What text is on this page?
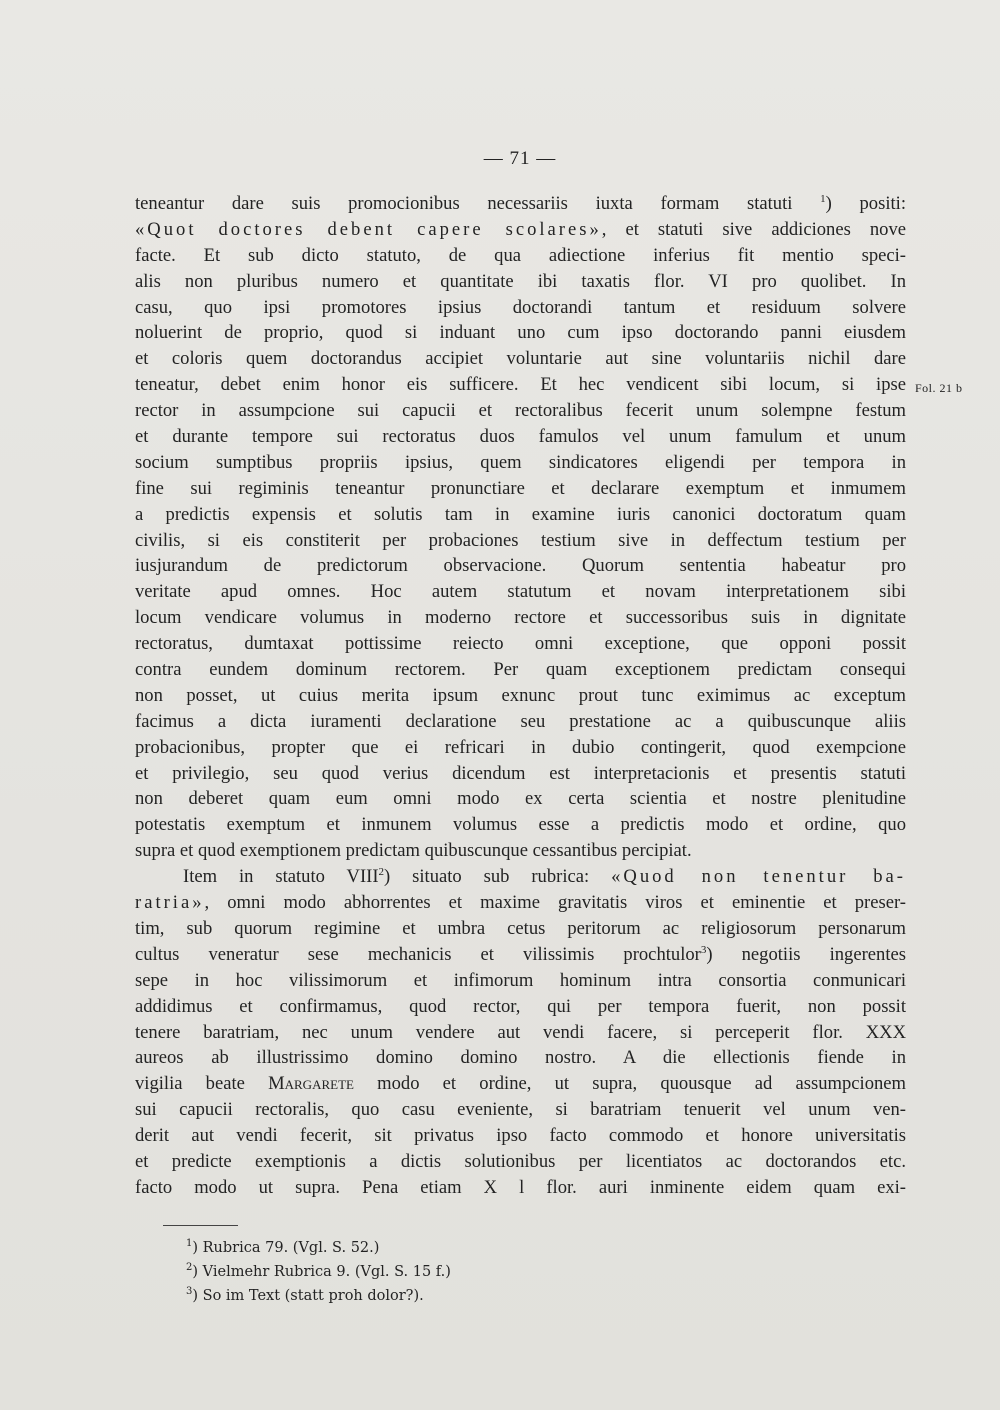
— 71 —
Fol. 21 b
teneantur dare suis promocionibus necessariis iuxta formam statuti	$^1$) positi:
«Quot doctores debent capere scolares», et statuti sive addiciones nove
facte. Et sub dicto statuto, de qua adiectione inferius fit mentio speci-
alis non pluribus numero et quantitate ibi taxatis flor. VI pro quolibet. In
casu, quo ipsi promotores ipsius doctorandi tantum et residuum solvere
noluerint de proprio, quod si induant uno cum ipso doctorando panni eiusdem
et coloris quem doctorandus accipiet voluntarie aut sine voluntariis nichil dare
teneatur, debet enim honor eis sufficere. Et hec vendicent sibi locum, si ipse
rector in assumpcione sui capucii et rectoralibus fecerit unum solempne festum
et durante tempore sui rectoratus duos famulos vel unum famulum et unum
socium sumptibus propriis ipsius, quem sindicatores eligendi per tempora in
fine sui regiminis teneantur pronunctiare et declarare exemptum et inmumem
a predictis expensis et solutis tam in examine iuris canonici doctoratum quam
civilis, si eis constiterit per probaciones testium sive in deffectum testium per
iusjurandum de predictorum observacione. Quorum sententia habeatur pro
veritate apud omnes. Hoc autem statutum et novam interpretationem sibi
locum vendicare volumus in moderno rectore et successoribus suis in dignitate
rectoratus, dumtaxat pottissime reiecto omni exceptione, que opponi possit
contra eundem dominum rectorem. Per quam exceptionem predictam consequi
non posset, ut cuius merita ipsum exnunc prout tunc eximimus ac exceptum
facimus a dicta iuramenti declaratione seu prestatione ac a quibuscunque aliis
probacionibus, propter que ei refricari in dubio contingerit, quod exempcione
et privilegio, seu quod verius dicendum est interpretacionis et presentis statuti
non deberet quam eum omni modo ex certa scientia et nostre plenitudine
potestatis exemptum et inmunem volumus esse a predictis modo et ordine, quo
supra et quod exemptionem predictam quibuscunque cessantibus percipiat.
Item in statuto VIII$^2$) situato sub rubrica: «Quod non tenentur ba-
ratria», omni modo abhorrentes et maxime gravitatis viros et eminentie et preser-
tim, sub quorum regimine et umbra cetus peritorum ac religiosorum personarum
cultus veneratur sese mechanicis et vilissimis prochtulor$^3$) negotiis ingerentes
sepe in hoc vilissimorum et infimorum hominum intra consortia conmunicari
addidimus et confirmamus, quod rector, qui per tempora fuerit, non possit
tenere baratriam, nec unum vendere aut vendi facere, si perceperit flor. XXX
aureos ab illustrissimo domino domino nostro. A die ellectionis fiende in
vigilia beate Margarete modo et ordine, ut supra, quousque ad assumpcionem
sui capucii rectoralis, quo casu eveniente, si baratriam tenuerit vel unum ven-
derit aut vendi fecerit, sit privatus ipso facto commodo et honore universitatis
et predicte exemptionis a dictis solutionibus per licentiatos ac doctorandos etc.
facto modo ut supra. Pena etiam X l flor. auri inminente eidem quam exi-
$^1$) Rubrica 79. (Vgl. S. 52.)
$^2$) Vielmehr Rubrica 9. (Vgl. S. 15 f.)
$^3$) So im Text (statt proh dolor?).
